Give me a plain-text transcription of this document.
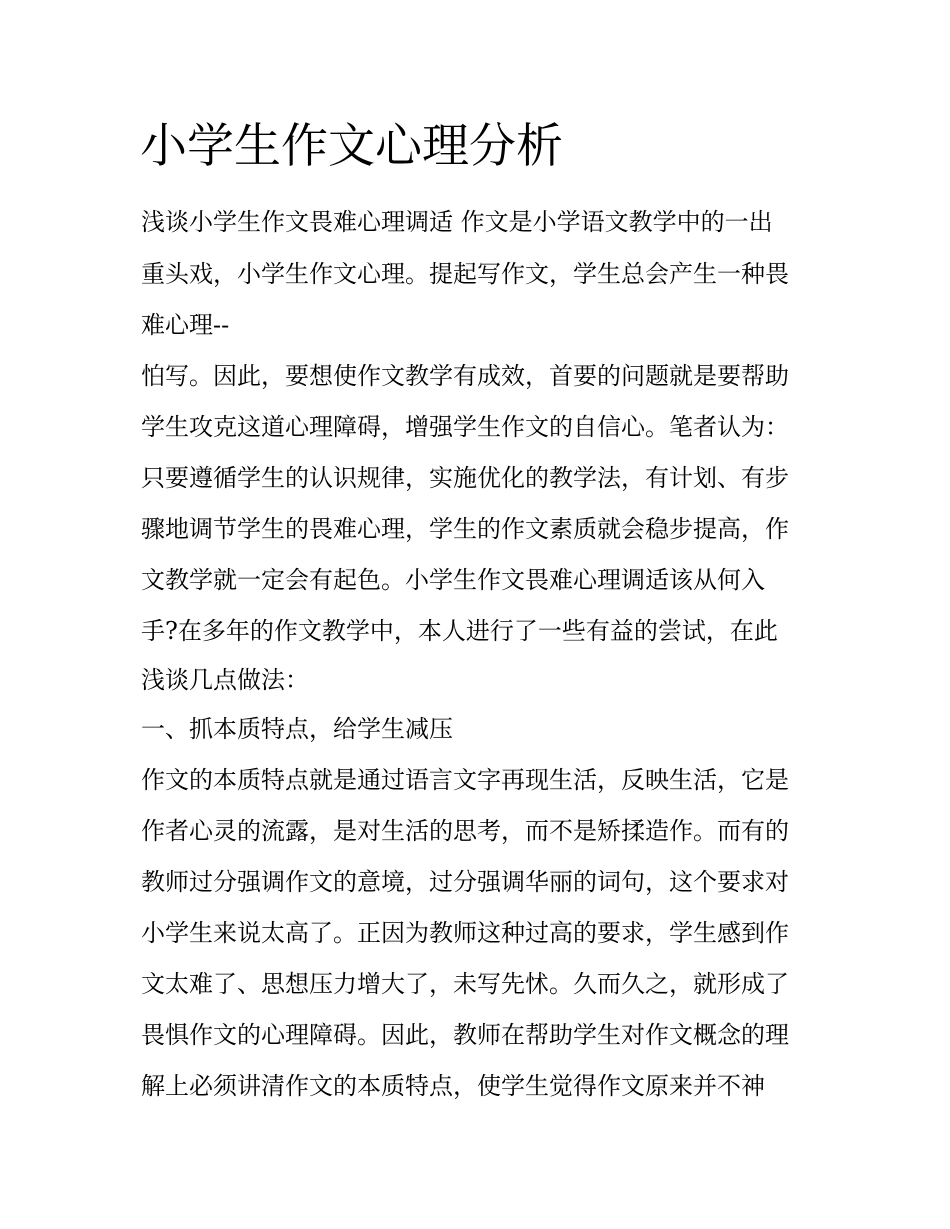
小学生作文心理分析

浅谈小学生作文畏难心理调适 作文是小学语文教学中的一出

重头戏，小学生作文心理。提起写作文，学生总会产生一种畏

难心理--

怕写。因此，要想使作文教学有成效，首要的问题就是要帮助

学生攻克这道心理障碍，增强学生作文的自信心。笔者认为：

只要遵循学生的认识规律，实施优化的教学法，有计划、有步

骤地调节学生的畏难心理，学生的作文素质就会稳步提高，作

文教学就一定会有起色。小学生作文畏难心理调适该从何入

手?在多年的作文教学中，本人进行了一些有益的尝试，在此

浅谈几点做法：

一、抓本质特点，给学生减压

作文的本质特点就是通过语言文字再现生活，反映生活，它是

作者心灵的流露，是对生活的思考，而不是矫揉造作。而有的

教师过分强调作文的意境，过分强调华丽的词句，这个要求对

小学生来说太高了。正因为教师这种过高的要求，学生感到作

文太难了、思想压力增大了，未写先怵。久而久之，就形成了

畏惧作文的心理障碍。因此，教师在帮助学生对作文概念的理

解上必须讲清作文的本质特点，使学生觉得作文原来并不神
